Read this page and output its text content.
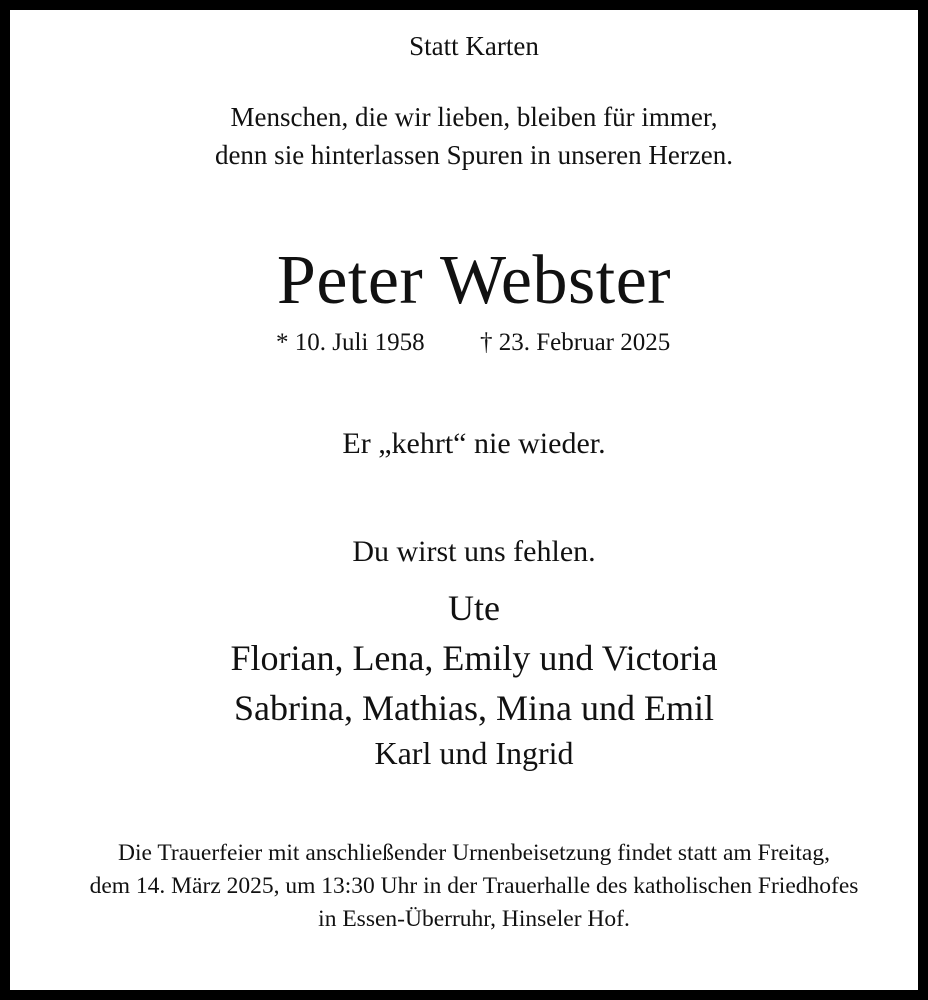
Statt Karten
Menschen, die wir lieben, bleiben für immer,
denn sie hinterlassen Spuren in unseren Herzen.
Peter Webster
* 10. Juli 1958 † 23. Februar 2025
Er „kehrt“ nie wieder.
Du wirst uns fehlen.
Ute
Florian, Lena, Emily und Victoria
Sabrina, Mathias, Mina und Emil
Karl und Ingrid
Die Trauerfeier mit anschließender Urnenbeisetzung findet statt am Freitag,
dem 14. März 2025, um 13:30 Uhr in der Trauerhalle des katholischen Friedhofes
in Essen-Überruhr, Hinseler Hof.
